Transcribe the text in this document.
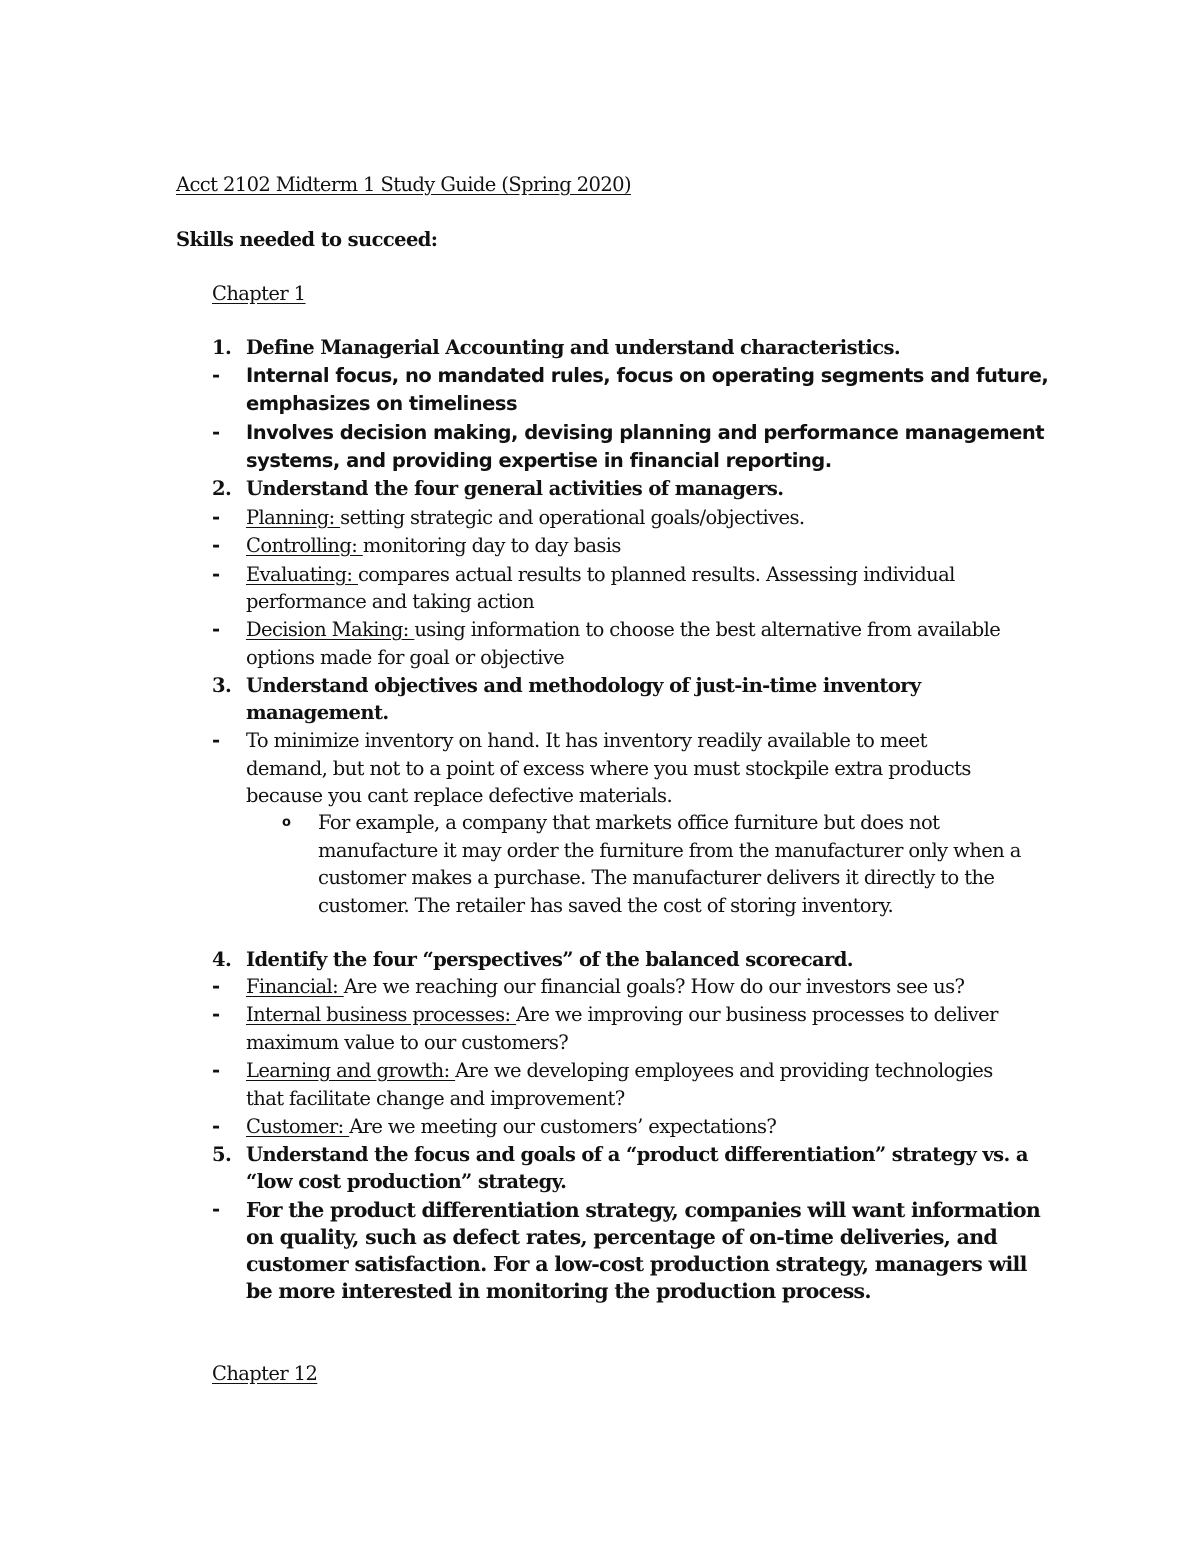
Acct 2102 Midterm 1 Study Guide (Spring 2020)
Skills needed to succeed:
Chapter 1
1. Define Managerial Accounting and understand characteristics.
-	Internal focus, no mandated rules, focus on operating segments and future,
emphasizes on timeliness
-	Involves decision making, devising planning and performance management
systems, and providing expertise in financial reporting.
2. Understand the four general activities of managers.
-	Planning: setting strategic and operational goals/objectives.
-	Controlling: monitoring day to day basis
-	Evaluating: compares actual results to planned results. Assessing individual
performance and taking action
-	Decision Making: using information to choose the best alternative from available
options made for goal or objective
3. Understand objectives and methodology of just-in-time inventory
management.
-	To minimize inventory on hand. It has inventory readily available to meet
demand, but not to a point of excess where you must stockpile extra products
because you cant replace defective materials.
o	For example, a company that markets office furniture but does not
manufacture it may order the furniture from the manufacturer only when a
customer makes a purchase. The manufacturer delivers it directly to the
customer. The retailer has saved the cost of storing inventory.
4. Identify the four “perspectives” of the balanced scorecard.
-	Financial: Are we reaching our financial goals? How do our investors see us?
-	Internal business processes: Are we improving our business processes to deliver
maximum value to our customers?
-	Learning and growth: Are we developing employees and providing technologies
that facilitate change and improvement?
-	Customer: Are we meeting our customers’ expectations?
5. Understand the focus and goals of a “product differentiation” strategy vs. a
“low cost production” strategy.
-	For the product differentiation strategy, companies will want information
on quality, such as defect rates, percentage of on-time deliveries, and
customer satisfaction. For a low-cost production strategy, managers will
be more interested in monitoring the production process.
Chapter 12
